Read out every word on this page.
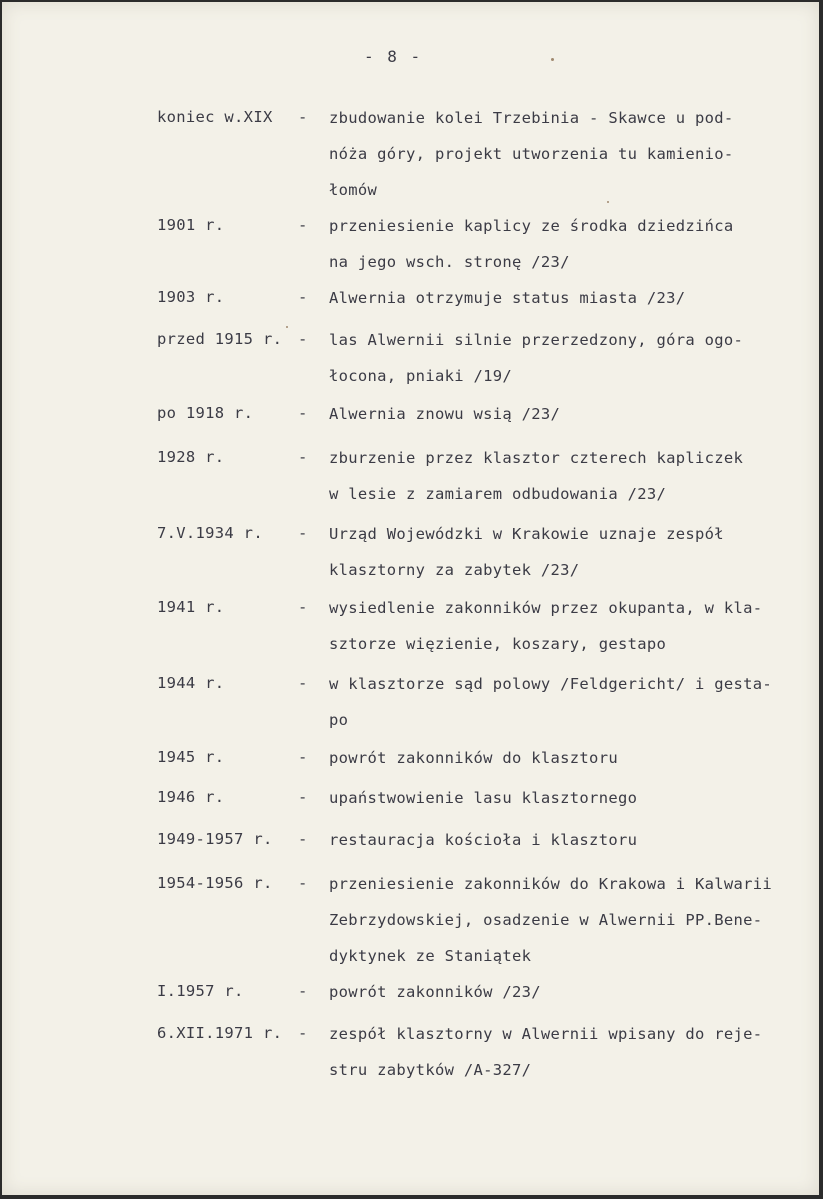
- 8 -
koniec w.XIX - zbudowanie kolei Trzebinia - Skawce u pod-
nóża góry, projekt utworzenia tu kamienio-
łomów
1901 r.	- przeniesienie kaplicy ze środka dziedzińca
na jego wsch. stronę /23/
1903 r.	- Alwernia otrzymuje status miasta /23/
przed 1915 r. - las Alwernii silnie przerzedzony, góra ogo-
łocona, pniaki /19/
po 1918 r.	- Alwernia znowu wsią /23/
1928 r.	- zburzenie przez klasztor czterech kapliczek
w lesie z zamiarem odbudowania /23/
7.V.1934 r. - Urząd Wojewódzki w Krakowie uznaje zespół
klasztorny za zabytek /23/
1941 r.	- wysiedlenie zakonników przez okupanta, w kla-
sztorze więzienie, koszary, gestapo
1944 r.	- w klasztorze sąd polowy /Feldgericht/ i gesta-
po
1945 r.	- powrót zakonników do klasztoru
1946 r.	- upaństwowienie lasu klasztornego
1949-1957 r. - restauracja kościoła i klasztoru
1954-1956 r. - przeniesienie zakonników do Krakowa i Kalwarii
Zebrzydowskiej, osadzenie w Alwernii PP.Bene-
dyktynek ze Staniątek
I.1957 r.	- powrót zakonników /23/
6.XII.1971 r. - zespół klasztorny w Alwernii wpisany do reje-
stru zabytków /A-327/
